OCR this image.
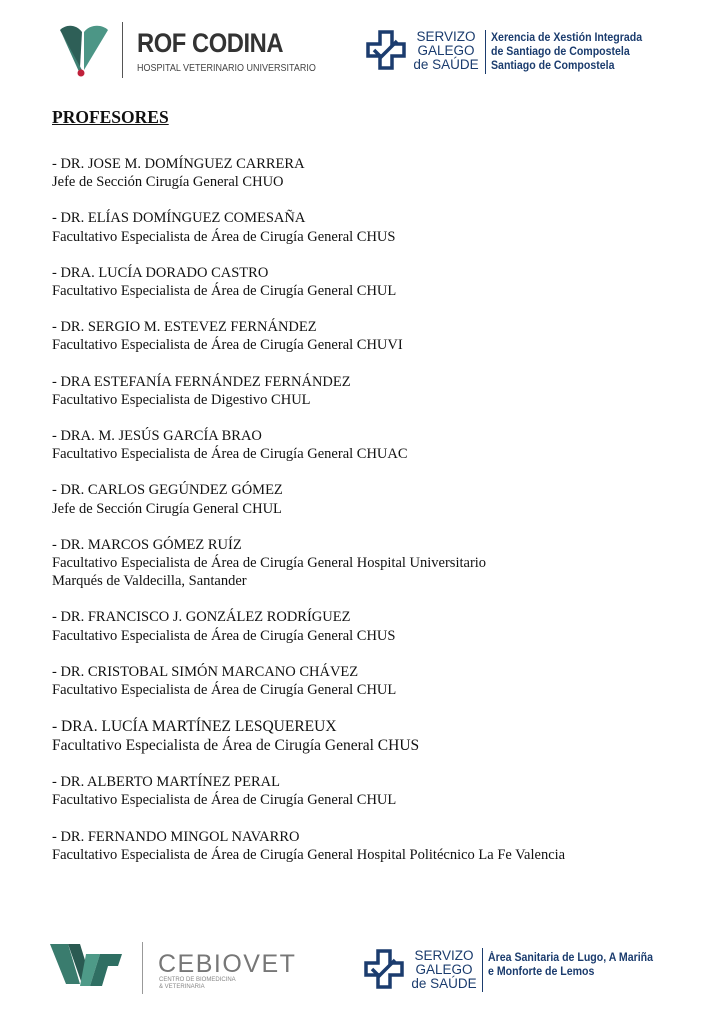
ROF CODINA
HOSPITAL VETERINARIO UNIVERSITARIO
SERVIZO
GALEGO
de SAÚDE
Xerencia de Xestión Integrada
de Santiago de Compostela
Santiago de Compostela
PROFESORES
- DR. JOSE M. DOMÍNGUEZ CARRERA
Jefe de Sección Cirugía General CHUO
- DR. ELÍAS DOMÍNGUEZ COMESAÑA
Facultativo Especialista de Área de Cirugía General CHUS
- DRA. LUCÍA DORADO CASTRO
Facultativo Especialista de Área de Cirugía General CHUL
- DR. SERGIO M. ESTEVEZ FERNÁNDEZ
Facultativo Especialista de Área de Cirugía General CHUVI
- DRA ESTEFANÍA FERNÁNDEZ FERNÁNDEZ
Facultativo Especialista de Digestivo CHUL
- DRA. M. JESÚS GARCÍA BRAO
Facultativo Especialista de Área de Cirugía General CHUAC
- DR. CARLOS GEGÚNDEZ GÓMEZ
Jefe de Sección Cirugía General CHUL
- DR. MARCOS GÓMEZ RUÍZ
Facultativo Especialista de Área de Cirugía General Hospital Universitario
Marqués de Valdecilla, Santander
- DR. FRANCISCO J. GONZÁLEZ RODRÍGUEZ
Facultativo Especialista de Área de Cirugía General CHUS
- DR. CRISTOBAL SIMÓN MARCANO CHÁVEZ
Facultativo Especialista de Área de Cirugía General CHUL
- DRA. LUCÍA MARTÍNEZ LESQUEREUX
Facultativo Especialista de Área de Cirugía General CHUS
- DR. ALBERTO MARTÍNEZ PERAL
Facultativo Especialista de Área de Cirugía General CHUL
- DR. FERNANDO MINGOL NAVARRO
Facultativo Especialista de Área de Cirugía General Hospital Politécnico La Fe Valencia
CEBIOVET
CENTRO DE BIOMEDICINA
& VETERINARIA
SERVIZO
GALEGO
de SAÚDE
Área Sanitaria de Lugo, A Mariña
e Monforte de Lemos
